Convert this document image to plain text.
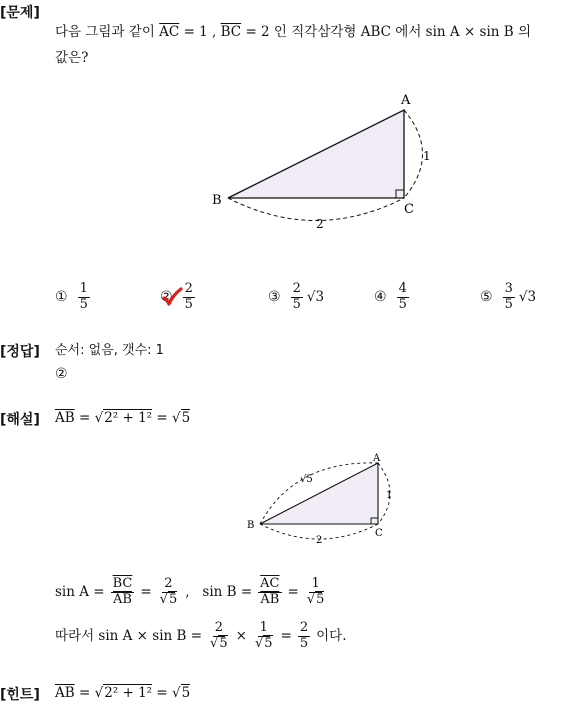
[문제]
다음 그림과 같이 $\overline{AC} = 1$ , $\overline{BC} = 2$ 인 직각삼각형 ABC 에서 sin A × sin B 의
값은?
A
B
C
1
2
① $\frac{1}{5}$	② $\frac{2}{5}$	③ $\frac{2}{5} √3$	④ $\frac{4}{5}$	⑤ $\frac{3}{5} √3$
[정답] 순서: 없음, 갯수: 1
②
[해설] $\overline{AB} = √2^2 + 1^2 = √5$
A
B
C
√5
1
2
$\sin A = \frac{\overline{BC}}{AB} = \frac{2}{√5}$ ,   $\sin B = \frac{\overline{AC}}{AB} = \frac{1}{√5}$
따라서 $\sin A \times \sin B = \frac{2}{√5} \times \frac{1}{√5} = \frac{2}{5}$ 이다.
[힌트] $\overline{AB} = √2^2 + 1^2 = √5$
